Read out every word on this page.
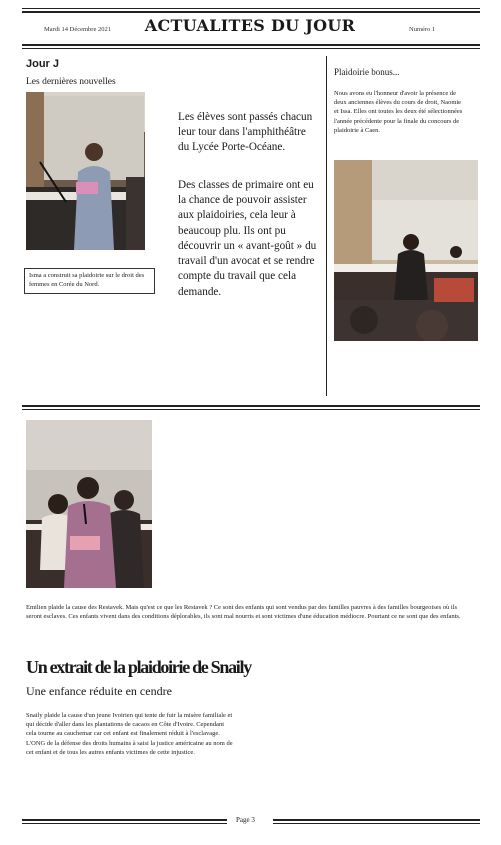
Mardi 14 Décembre 2021	ACTUALITES DU JOUR	Numéro 1
Jour J
Les dernières nouvelles
Isma a construit sa plaidoirie sur le droit des femmes en Corée du Nord.
Les élèves sont passés chacun leur tour dans l'amphithéâtre du Lycée Porte-Océane.
Des classes de primaire ont eu la chance de pouvoir assister aux plaidoiries, cela leur à beaucoup plu. Ils ont pu découvrir un « avant-goût » du travail d'un avocat et se rendre compte du travail que cela demande.
Plaidoirie bonus...
Nous avons eu l'honneur d'avoir la présence de deux anciennes élèves du cours de droit, Naomie et Issa. Elles ont toutes les deux été sélectionnées l'année précédente pour la finale du concours de plaidoirie à Caen.
Emilien plaide la cause des Restavek. Mais qu'est ce que les Restavek ? Ce sont des enfants qui sont vendus par des familles pauvres à des familles bourgeoises où ils seront esclaves. Ces enfants vivent dans des conditions déplorables, ils sont mal nourris et sont victimes d'une éducation médiocre. Pourtant ce ne sont que des enfants.
Un extrait de la plaidoirie de Snaily
Une enfance réduite en cendre
Snaily plaide la cause d'un jeune Ivoirien qui tente de fuir la misère familiale et qui décide d'aller dans les plantations de cacaos en Côte d'Ivoire. Cependant cela tourne au cauchemar car cet enfant est finalement réduit à l'esclavage. L'ONG de la défense des droits humains à saisi la justice américaine au nom de cet enfant et de tous les autres enfants victimes de cette injustice.
Page 3
